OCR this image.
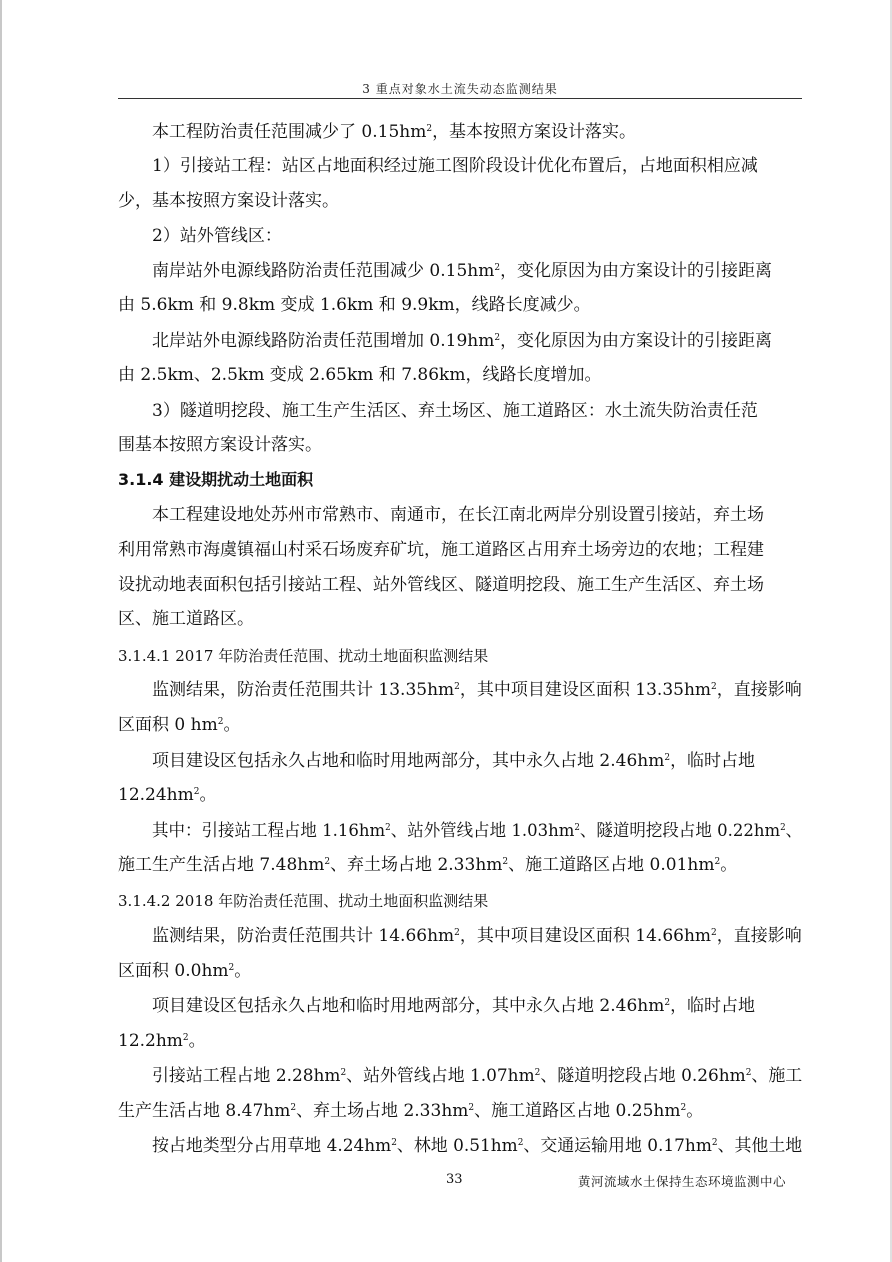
3 重点对象水土流失动态监测结果
本工程防治责任范围减少了 $0.15hm^2$，基本按照方案设计落实。
1）引接站工程：站区占地面积经过施工图阶段设计优化布置后，占地面积相应减
少，基本按照方案设计落实。
2）站外管线区：
南岸站外电源线路防治责任范围减少 $0.15hm^2$，变化原因为由方案设计的引接距离
由 5.6km 和 9.8km 变成 1.6km 和 9.9km，线路长度减少。
北岸站外电源线路防治责任范围增加 $0.19hm^2$，变化原因为由方案设计的引接距离
由 2.5km、2.5km 变成 2.65km 和 7.86km，线路长度增加。
3）隧道明挖段、施工生产生活区、弃土场区、施工道路区：水土流失防治责任范
围基本按照方案设计落实。
3.1.4 建设期扰动土地面积
本工程建设地处苏州市常熟市、南通市，在长江南北两岸分别设置引接站，弃土场
利用常熟市海虞镇福山村采石场废弃矿坑，施工道路区占用弃土场旁边的农地；工程建
设扰动地表面积包括引接站工程、站外管线区、隧道明挖段、施工生产生活区、弃土场
区、施工道路区。
3.1.4.1 2017 年防治责任范围、扰动土地面积监测结果
监测结果，防治责任范围共计 $13.35hm^2$，其中项目建设区面积 $13.35hm^2$，直接影响
区面积 0 $hm^2$。
项目建设区包括永久占地和临时用地两部分，其中永久占地 $2.46hm^2$，临时占地
$12.24hm^2$。
其中：引接站工程占地 $1.16hm^2$、站外管线占地 $1.03hm^2$、隧道明挖段占地 $0.22hm^2$、
施工生产生活占地 $7.48hm^2$、弃土场占地 $2.33hm^2$、施工道路区占地 $0.01hm^2$。
3.1.4.2 2018 年防治责任范围、扰动土地面积监测结果
监测结果，防治责任范围共计 $14.66hm^2$，其中项目建设区面积 $14.66hm^2$，直接影响
区面积 $0.0hm^2$。
项目建设区包括永久占地和临时用地两部分，其中永久占地 $2.46hm^2$，临时占地
$12.2hm^2$。
引接站工程占地 $2.28hm^2$、站外管线占地 $1.07hm^2$、隧道明挖段占地 $0.26hm^2$、施工
生产生活占地 $8.47hm^2$、弃土场占地 $2.33hm^2$、施工道路区占地 $0.25hm^2$。
按占地类型分占用草地 $4.24hm^2$、林地 $0.51hm^2$、交通运输用地 $0.17hm^2$、其他土地
33	黄河流域水土保持生态环境监测中心
